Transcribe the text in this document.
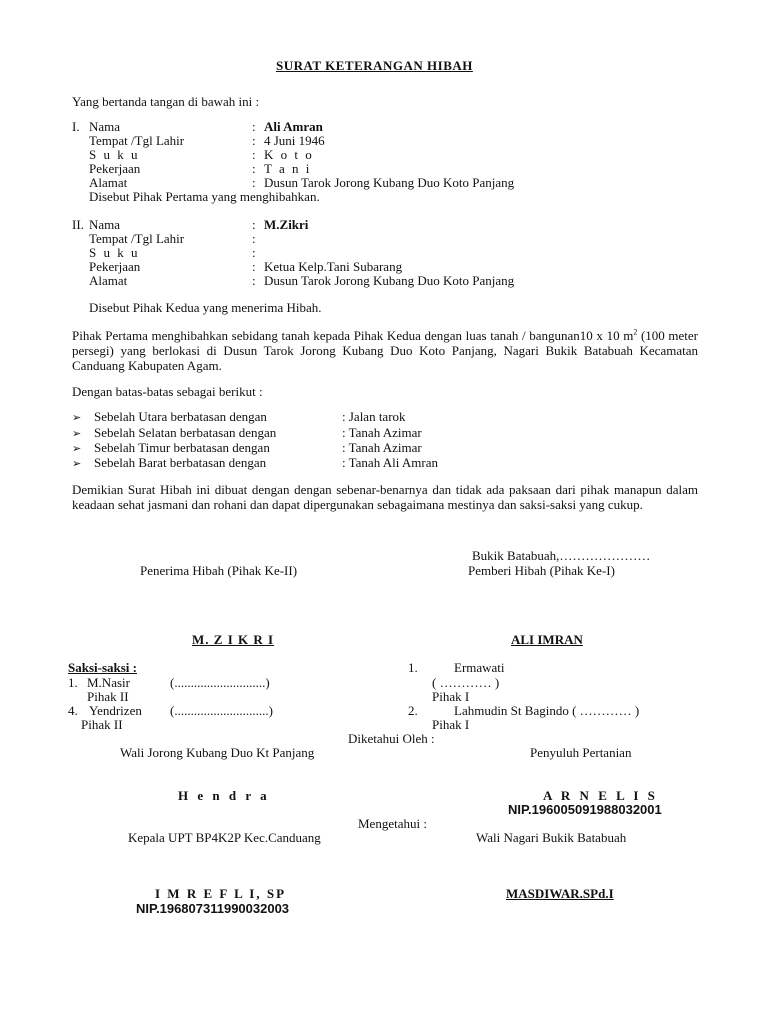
SURAT KETERANGAN HIBAH
Yang bertanda tangan di bawah ini :
I. Nama	: Ali Amran
Tempat /Tgl Lahir	: 4 Juni 1946
S u k u	: K o t o
Pekerjaan	: T a n i
Alamat	: Dusun Tarok Jorong Kubang Duo Koto Panjang
Disebut Pihak Pertama yang menghibahkan.
II. Nama	: M.Zikri
Tempat /Tgl Lahir	:
S u k u	:
Pekerjaan	: Ketua Kelp.Tani Subarang
Alamat	: Dusun Tarok Jorong Kubang Duo Koto Panjang
Disebut Pihak Kedua yang menerima Hibah.
Pihak Pertama menghibahkan sebidang tanah kepada Pihak Kedua dengan luas tanah / bangunan10 x 10 $m^2$ (100 meter persegi) yang berlokasi di Dusun Tarok Jorong Kubang Duo Koto Panjang, Nagari Bukik Batabuah Kecamatan Canduang Kabupaten Agam.
Dengan batas-batas sebagai berikut :
➢ Sebelah Utara berbatasan dengan	: Jalan tarok
➢ Sebelah Selatan berbatasan dengan	: Tanah Azimar
➢ Sebelah Timur berbatasan dengan	: Tanah Azimar
➢ Sebelah Barat berbatasan dengan	: Tanah Ali Amran
Demikian Surat Hibah ini dibuat dengan dengan sebenar-benarnya dan tidak ada paksaan dari pihak manapun dalam keadaan sehat jasmani dan rohani dan dapat dipergunakan sebagaimana mestinya dan saksi-saksi yang cukup.
Bukik Batabuah,…………………
Penerima Hibah (Pihak Ke-II)	Pemberi Hibah (Pihak Ke-I)
M. Z I K R I	ALI IMRAN
Saksi-saksi :
1. M.Nasir	(............................)
Pihak II
4. Yendrizen (.............................)
Pihak II
1.	Ermawati
( ………… )
Pihak I
2.	Lahmudin St Bagindo ( ………… )
Pihak I
Diketahui Oleh :
Wali Jorong Kubang Duo Kt Panjang	Penyuluh Pertanian
H e n d r a	A R N E L I S
NIP.196005091988032001
Mengetahui :
Kepala UPT BP4K2P Kec.Canduang	Wali Nagari Bukik Batabuah
I M R E F L I, SP
NIP.196807311990032003
MASDIWAR.SPd.I
